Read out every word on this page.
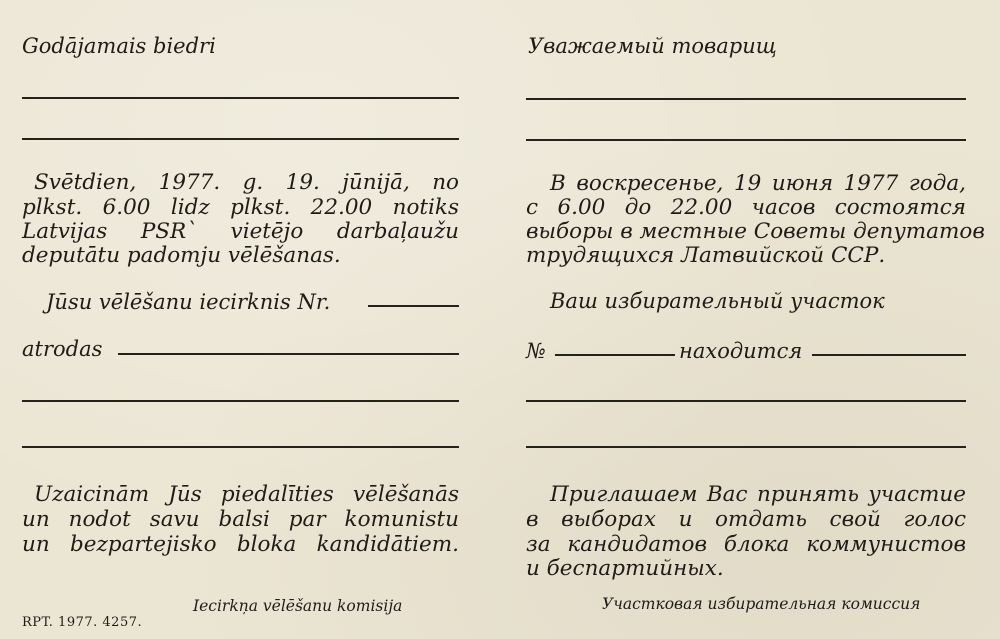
Godājamais biedri
Svētdien, 1977. g. 19. jūnijā, no
plkst. 6.00 lidz plkst. 22.00 notiks
Latvijas PSR` vietējo darbaļaužu
deputātu padomju vēlēšanas.
Jūsu vēlēšanu iecirknis Nr.
atrodas
Uzaicinām Jūs piedalīties vēlēšanās
un nodot savu balsi par komunistu
un bezpartejisko bloka kandidātiem.
Iecirkņa vēlēšanu komisija
RPT. 1977. 4257.
Уважаемый товарищ
В воскресенье, 19 июня 1977 года,
с 6.00 до 22.00 часов состоятся
выборы в местные Советы депутатов
трудящихся Латвийской ССР.
Ваш избирательный участок
№	находится
Приглашаем Вас принять участие
в выборах и отдать свой голос
за кандидатов блока коммунистов
и беспартийных.
Участковая избирательная комиссия
